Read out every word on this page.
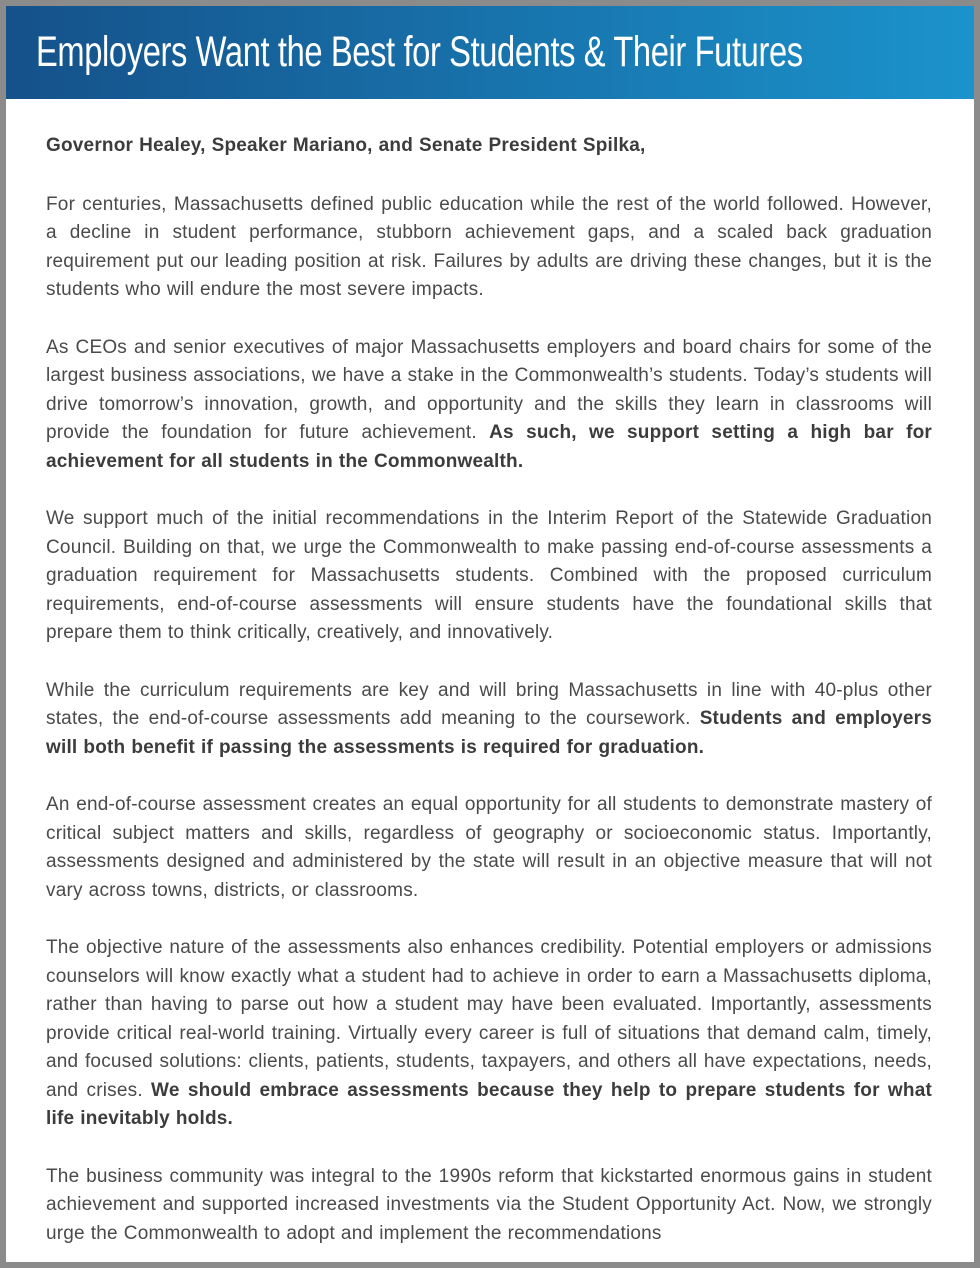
Employers Want the Best for Students & Their Futures

Governor Healey, Speaker Mariano, and Senate President Spilka,

For centuries, Massachusetts defined public education while the rest of the world followed. However, a decline in student performance, stubborn achievement gaps, and a scaled back graduation requirement put our leading position at risk. Failures by adults are driving these changes, but it is the students who will endure the most severe impacts.

As CEOs and senior executives of major Massachusetts employers and board chairs for some of the largest business associations, we have a stake in the Commonwealth’s students. Today’s students will drive tomorrow’s innovation, growth, and opportunity and the skills they learn in classrooms will provide the foundation for future achievement. As such, we support setting a high bar for achievement for all students in the Commonwealth.

We support much of the initial recommendations in the Interim Report of the Statewide Graduation Council. Building on that, we urge the Commonwealth to make passing end-of-course assessments a graduation requirement for Massachusetts students. Combined with the proposed curriculum requirements, end-of-course assessments will ensure students have the foundational skills that prepare them to think critically, creatively, and innovatively.

While the curriculum requirements are key and will bring Massachusetts in line with 40-plus other states, the end-of-course assessments add meaning to the coursework. Students and employers will both benefit if passing the assessments is required for graduation.

An end-of-course assessment creates an equal opportunity for all students to demonstrate mastery of critical subject matters and skills, regardless of geography or socioeconomic status. Importantly, assessments designed and administered by the state will result in an objective measure that will not vary across towns, districts, or classrooms.

The objective nature of the assessments also enhances credibility. Potential employers or admissions counselors will know exactly what a student had to achieve in order to earn a Massachusetts diploma, rather than having to parse out how a student may have been evaluated. Importantly, assessments provide critical real-world training. Virtually every career is full of situations that demand calm, timely, and focused solutions: clients, patients, students, taxpayers, and others all have expectations, needs, and crises. We should embrace assessments because they help to prepare students for what life inevitably holds.

The business community was integral to the 1990s reform that kickstarted enormous gains in student achievement and supported increased investments via the Student Opportunity Act. Now, we strongly urge the Commonwealth to adopt and implement the recommendations
